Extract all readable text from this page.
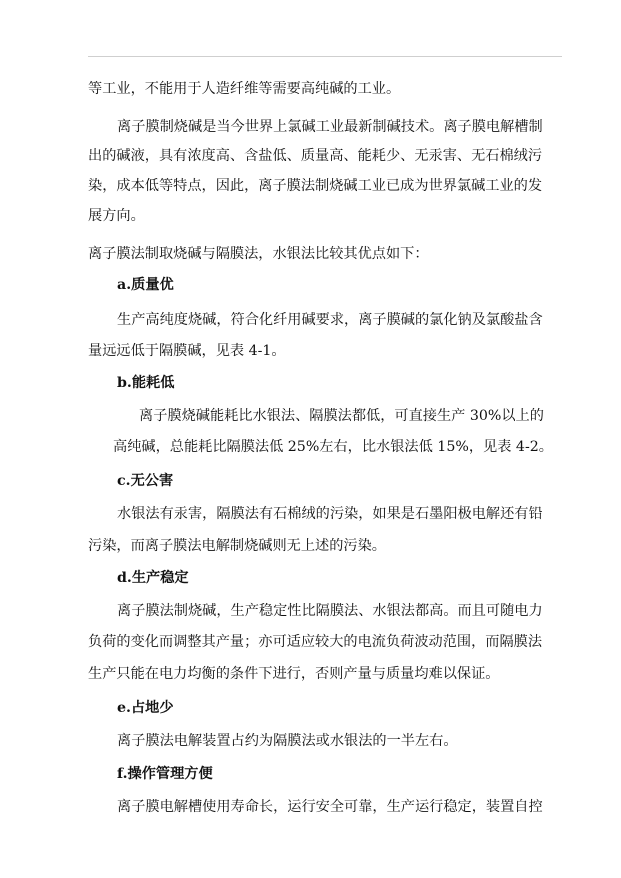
等工业，不能用于人造纤维等需要高纯碱的工业。
离子膜制烧碱是当今世界上氯碱工业最新制碱技术。离子膜电解槽制
出的碱液，具有浓度高、含盐低、质量高、能耗少、无汞害、无石棉绒污
染，成本低等特点，因此，离子膜法制烧碱工业已成为世界氯碱工业的发
展方向。
离子膜法制取烧碱与隔膜法，水银法比较其优点如下：
a.质量优
生产高纯度烧碱，符合化纤用碱要求，离子膜碱的氯化钠及氯酸盐含
量远远低于隔膜碱，见表 4-1。
b.能耗低
离子膜烧碱能耗比水银法、隔膜法都低，可直接生产 30%以上的
高纯碱，总能耗比隔膜法低 25%左右，比水银法低 15%，见表 4-2。
c.无公害
水银法有汞害，隔膜法有石棉绒的污染，如果是石墨阳极电解还有铅
污染，而离子膜法电解制烧碱则无上述的污染。
d.生产稳定
离子膜法制烧碱，生产稳定性比隔膜法、水银法都高。而且可随电力
负荷的变化而调整其产量；亦可适应较大的电流负荷波动范围，而隔膜法
生产只能在电力均衡的条件下进行，否则产量与质量均难以保证。
e.占地少
离子膜法电解装置占约为隔膜法或水银法的一半左右。
f.操作管理方便
离子膜电解槽使用寿命长，运行安全可靠，生产运行稳定，装置自控
